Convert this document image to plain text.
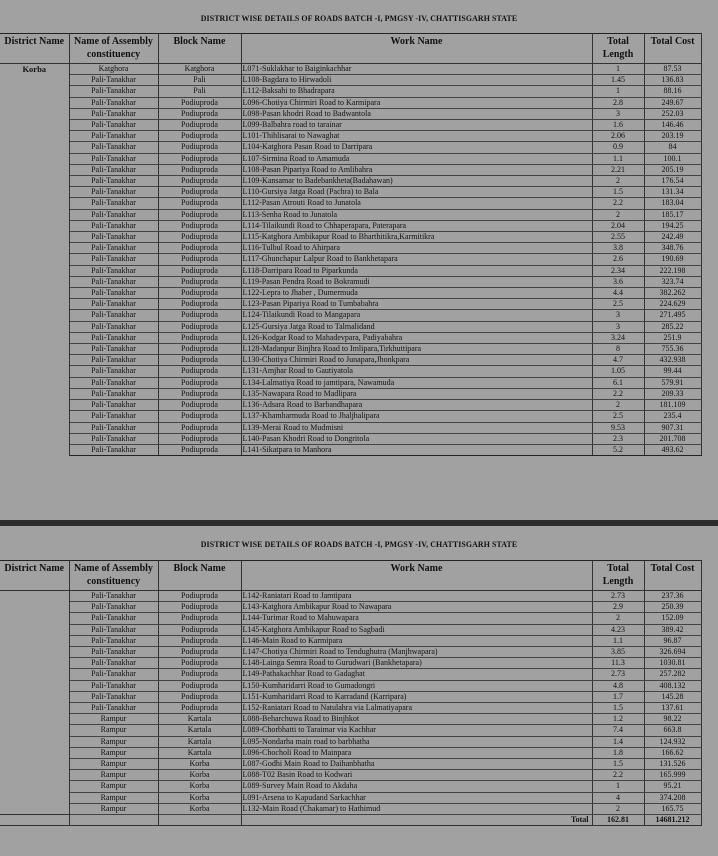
DISTRICT WISE DETAILS OF ROADS BATCH -I, PMGSY -IV, CHATTISGARH STATE
District Name	Name of Assembly constituency	Block Name	Work Name	Total Length	Total Cost
Korba	Katghora	Katghora	L071-Suklakhar to Baiginkachhar	1	87.53
	Pali-Tanakhar	Pali	L108-Bagdara to Hirwadoli	1.45	136.83
	Pali-Tanakhar	Pali	L112-Baksahi to Bhadrapara	1	88.16
	Pali-Tanakhar	Podiuproda	L096-Chotiya Chirmiri Road to Karmipara	2.8	249.67
	Pali-Tanakhar	Podiuproda	L098-Pasan khodri Road to Badwantola	3	252.03
	Pali-Tanakhar	Podiuproda	L099-Balbahra road to tarainar	1.6	146.46
	Pali-Tanakhar	Podiuproda	L101-Thihlisarai to Nawaghat	2.06	203.19
	Pali-Tanakhar	Podiuproda	L104-Katghora Pasan Road to Darripara	0.9	84
	Pali-Tanakhar	Podiuproda	L107-Sirmina Road to Amamuda	1.1	100.1
	Pali-Tanakhar	Podiuproda	L108-Pasan Pipariya Road to Amlibahra	2.21	205.19
	Pali-Tanakhar	Podiuproda	L109-Kansamar to Badebankheta(Badahawan)	2	176.54
	Pali-Tanakhar	Podiuproda	L110-Gursiya Jatga Road (Pachra) to Bala	1.5	131.34
	Pali-Tanakhar	Podiuproda	L112-Pasan Atrouti Road to Junatola	2.2	183.04
	Pali-Tanakhar	Podiuproda	L113-Senha Road to Junatola	2	185.17
	Pali-Tanakhar	Podiuproda	L114-Tilaikundi Road to Chhaperapara, Paterapara	2.04	194.25
	Pali-Tanakhar	Podiuproda	L115-Katghora Ambikapur Road to Bharthitikra,Karmitikra	2.55	242.49
	Pali-Tanakhar	Podiuproda	L116-Tulbul Road to Ahirpara	3.8	348.76
	Pali-Tanakhar	Podiuproda	L117-Ghunchapur Lalpur Road to Bankhetapara	2.6	190.69
	Pali-Tanakhar	Podiuproda	L118-Darripara Road to Piparkunda	2.34	222.198
	Pali-Tanakhar	Podiuproda	L119-Pasan Pendra Road to Bokramudi	3.6	323.74
	Pali-Tanakhar	Podiuproda	L122-Lepra to Jhaber , Dumermuda	4.4	382.262
	Pali-Tanakhar	Podiuproda	L123-Pasan Pipariya Road to Tumbabahra	2.5	224.629
	Pali-Tanakhar	Podiuproda	L124-Tilaikundi Road to Mangapara	3	271.495
	Pali-Tanakhar	Podiuproda	L125-Gursiya Jatga Road to Talmalidand	3	285.22
	Pali-Tanakhar	Podiuproda	L126-Kodgar Road to Mahadevpara, Padiyabahra	3.24	251.9
	Pali-Tanakhar	Podiuproda	L128-Madanpur Binjhra Road to Imlipara,Tirkhuttipara	8	755.36
	Pali-Tanakhar	Podiuproda	L130-Chotiya Chirmiri Road to Junapara,Jhonkpara	4.7	432.938
	Pali-Tanakhar	Podiuproda	L131-Amjhar Road to Gautiyatola	1.05	99.44
	Pali-Tanakhar	Podiuproda	L134-Lalmatiya Road to jamtipara, Nawamuda	6.1	579.91
	Pali-Tanakhar	Podiuproda	L135-Nawapara Road to Madlipara	2.2	209.33
	Pali-Tanakhar	Podiuproda	L136-Adsara Road to Barbandhapara	2	181.109
	Pali-Tanakhar	Podiuproda	L137-Khamharmuda Road to Jhaljhalipara	2.5	235.4
	Pali-Tanakhar	Podiuproda	L139-Merai Road to Mudmisni	9.53	907.31
	Pali-Tanakhar	Podiuproda	L140-Pasan Khodri Road to Dongritola	2.3	201.708
	Pali-Tanakhar	Podiuproda	L141-Sikatpara to Manhora	5.2	493.62
DISTRICT WISE DETAILS OF ROADS BATCH -I, PMGSY -IV, CHATTISGARH STATE
District Name	Name of Assembly constituency	Block Name	Work Name	Total Length	Total Cost
	Pali-Tanakhar	Podiuproda	L142-Raniatari Road to Jamtipara	2.73	237.36
	Pali-Tanakhar	Podiuproda	L143-Katghora Ambikapur Road to Nawapara	2.9	250.39
	Pali-Tanakhar	Podiuproda	L144-Turimar Road to Mahuwapara	2	152.09
	Pali-Tanakhar	Podiuproda	L145-Katghora Ambikapur Road to Sagbadi	4.23	389.42
	Pali-Tanakhar	Podiuproda	L146-Main Road to Karmipara	1.1	96.87
	Pali-Tanakhar	Podiuproda	L147-Chotiya Chirmiri Road to Tendughutra (Manjhwapara)	3.85	326.694
	Pali-Tanakhar	Podiuproda	L148-Lainga Semra Road to Gurudwari (Bankhetapara)	11.3	1030.81
	Pali-Tanakhar	Podiuproda	L149-Pathakachhar Road to Gadaghat	2.73	257.282
	Pali-Tanakhar	Podiuproda	L150-Kumharidarri Road to Gumadongri	4.8	408.132
	Pali-Tanakhar	Podiuproda	L151-Kumharidarri Road to Karradand (Karripara)	1.7	145.28
	Pali-Tanakhar	Podiuproda	L152-Raniatari Road to Natulahra via Lalmatiyapara	1.5	137.61
	Rampur	Kartala	L088-Beharchuwa Road to Binjhkot	1.2	98.22
	Rampur	Kartala	L089-Chorbhatti to Taraimar via Kachhar	7.4	663.8
	Rampur	Kartala	L095-Nondarha main road to barbhatha	1.4	124.932
	Rampur	Kartala	L096-Chocholi Road to Mainpara	1.8	166.62
	Rampur	Korba	L087-Godhi Main Road to Daihanbhatha	1.5	131.526
	Rampur	Korba	L088-T02 Basin Road to Kodwari	2.2	165.999
	Rampur	Korba	L089-Survey Main Road to Akdaha	1	95.21
	Rampur	Korba	L091-Arsena to Kapudand Sarkachhar	4	374.208
	Rampur	Korba	L132-Main Road (Chakamar) to Hathimud	2	165.75
			Total	162.81	14681.212
